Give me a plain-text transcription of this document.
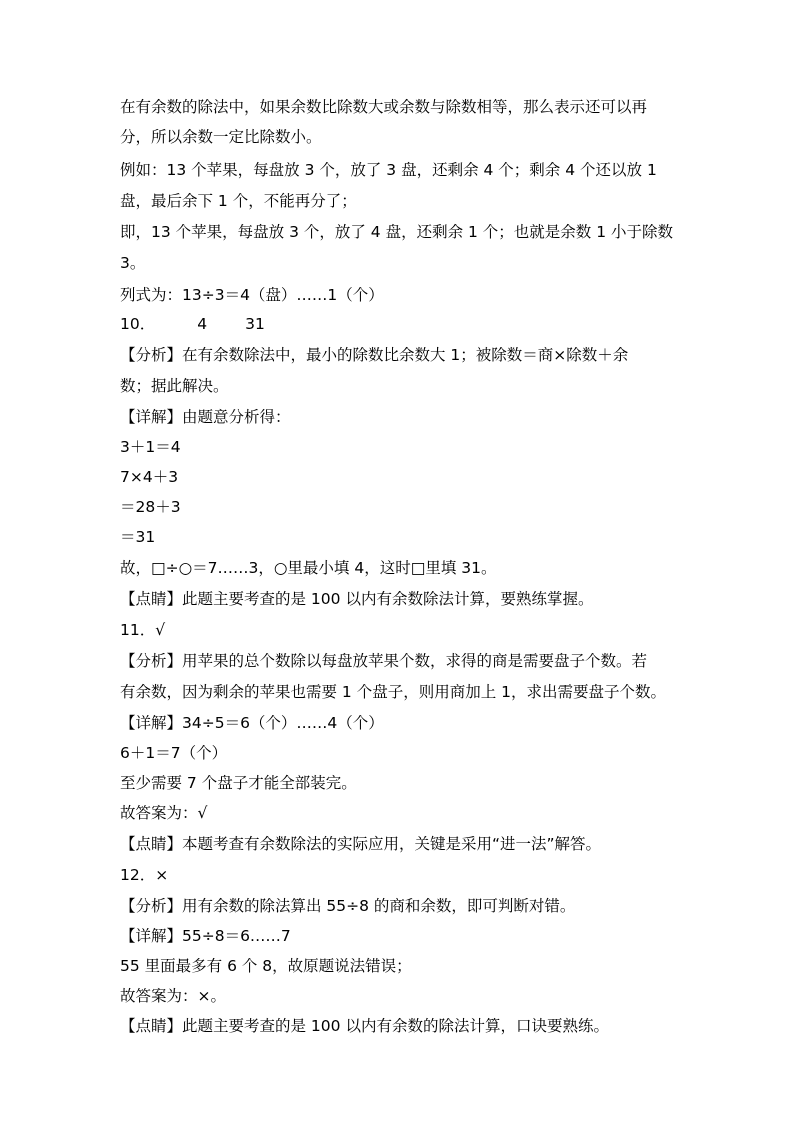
在有余数的除法中，如果余数比除数大或余数与除数相等，那么表示还可以再
分，所以余数一定比除数小。
例如：13 个苹果，每盘放 3 个，放了 3 盘，还剩余 4 个；剩余 4 个还以放 1
盘，最后余下 1 个，不能再分了；
即，13 个苹果，每盘放 3 个，放了 4 盘，还剩余 1 个；也就是余数 1 小于除数
3。
列式为：13÷3＝4（盘）……1（个）
10．	4 31
【分析】在有余数除法中，最小的除数比余数大 1；被除数＝商×除数＋余
数；据此解决。
【详解】由题意分析得：
3＋1＝4
7×4＋3
＝28＋3
＝31
故，□÷○＝7……3，○里最小填 4，这时□里填 31。
【点睛】此题主要考查的是 100 以内有余数除法计算，要熟练掌握。
11．√
【分析】用苹果的总个数除以每盘放苹果个数，求得的商是需要盘子个数。若
有余数，因为剩余的苹果也需要 1 个盘子，则用商加上 1，求出需要盘子个数。
【详解】34÷5＝6（个）……4（个）
6＋1＝7（个）
至少需要 7 个盘子才能全部装完。
故答案为：√
【点睛】本题考查有余数除法的实际应用，关键是采用“进一法”解答。
12．×
【分析】用有余数的除法算出 55÷8 的商和余数，即可判断对错。
【详解】55÷8＝6……7
55 里面最多有 6 个 8，故原题说法错误；
故答案为：×。
【点睛】此题主要考查的是 100 以内有余数的除法计算，口诀要熟练。
